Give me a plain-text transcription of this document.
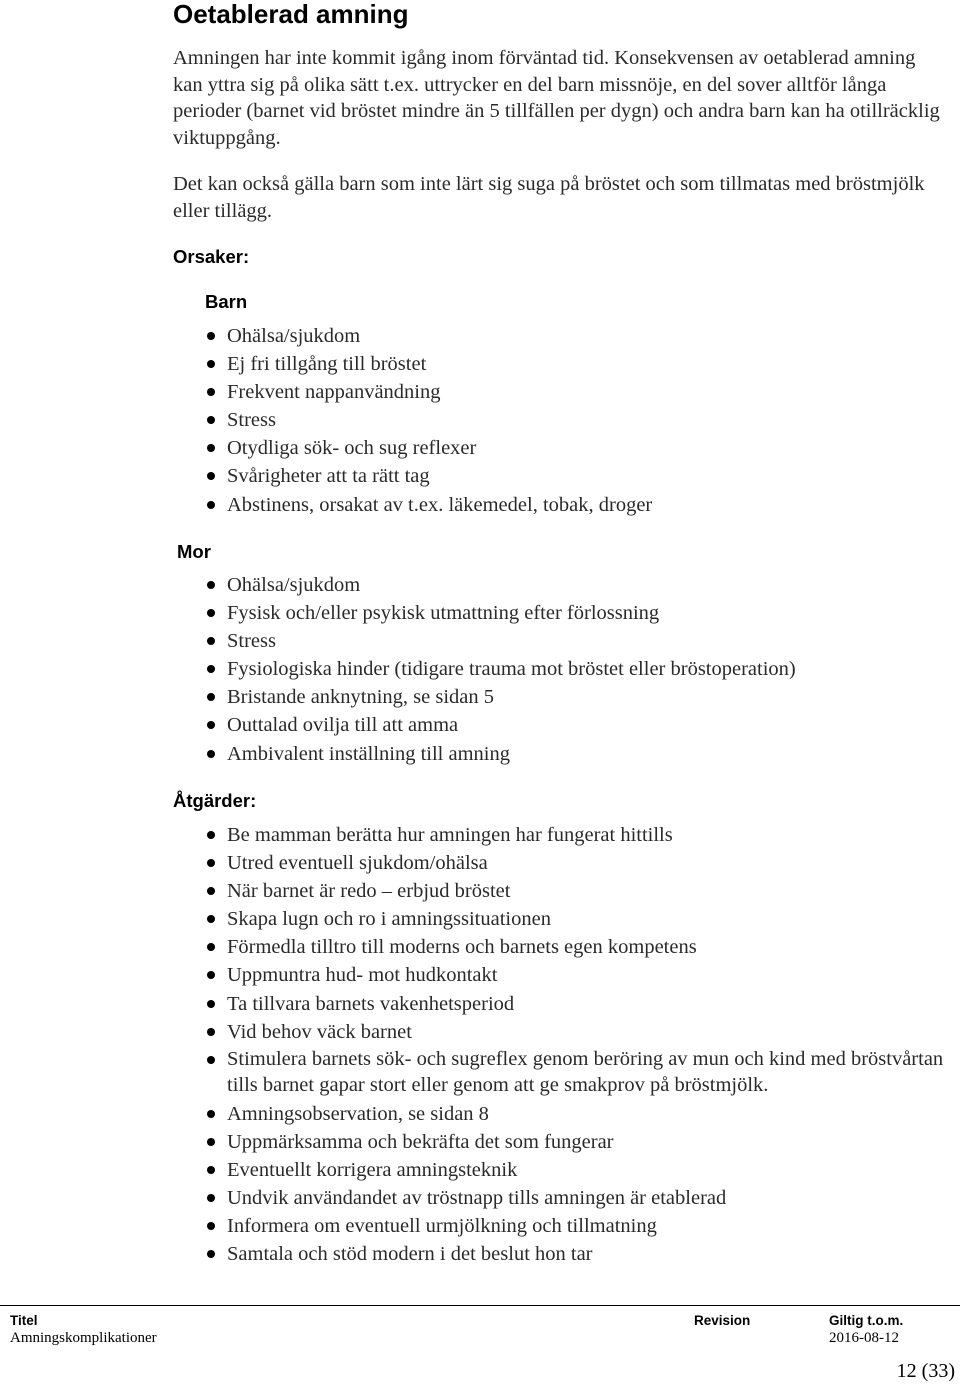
Oetablerad amning

Amningen har inte kommit igång inom förväntad tid. Konsekvensen av oetablerad amning kan yttra sig på olika sätt t.ex. uttrycker en del barn missnöje, en del sover alltför långa perioder (barnet vid bröstet mindre än 5 tillfällen per dygn) och andra barn kan ha otillräcklig viktuppgång.

Det kan också gälla barn som inte lärt sig suga på bröstet och som tillmatas med bröstmjölk eller tillägg.

Orsaker:
Barn
Ohälsa/sjukdom
Ej fri tillgång till bröstet
Frekvent nappanvändning
Stress
Otydliga sök- och sug reflexer
Svårigheter att ta rätt tag
Abstinens, orsakat av t.ex. läkemedel, tobak, droger
Mor
Ohälsa/sjukdom
Fysisk och/eller psykisk utmattning efter förlossning
Stress
Fysiologiska hinder (tidigare trauma mot bröstet eller bröstoperation)
Bristande anknytning, se sidan 5
Outtalad ovilja till att amma
Ambivalent inställning till amning
Åtgärder:
Be mamman berätta hur amningen har fungerat hittills
Utred eventuell sjukdom/ohälsa
När barnet är redo – erbjud bröstet
Skapa lugn och ro i amningssituationen
Förmedla tilltro till moderns och barnets egen kompetens
Uppmuntra hud- mot hudkontakt
Ta tillvara barnets vakenhetsperiod
Vid behov väck barnet
Stimulera barnets sök- och sugreflex genom beröring av mun och kind med bröstvårtan tills barnet gapar stort eller genom att ge smakprov på bröstmjölk.
Amningsobservation, se sidan 8
Uppmärksamma och bekräfta det som fungerar
Eventuellt korrigera amningsteknik
Undvik användandet av tröstnapp tills amningen är etablerad
Informera om eventuell urmjölkning och tillmatning
Samtala och stöd modern i det beslut hon tar
Titel
Amningskomplikationer
Revision	Giltig t.o.m.
2016-08-12
12 (33)
